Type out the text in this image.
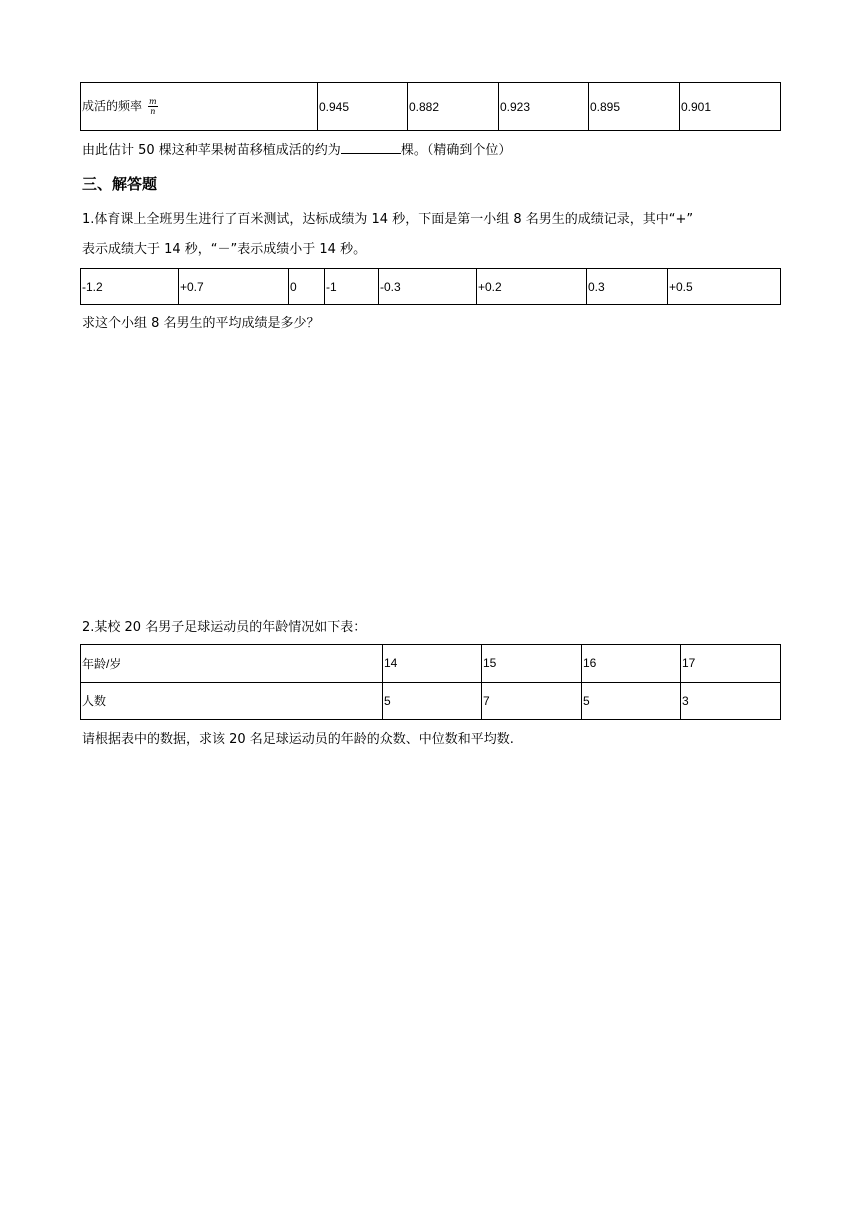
成活的频率 $\frac{m}{n}$	0.945	0.882	0.923	0.895	0.901
由此估计 50 棵这种苹果树苗移植成活的约为	棵。（精确到个位）
三、解答题
1.体育课上全班男生进行了百米测试，达标成绩为 14 秒，下面是第一小组 8 名男生的成绩记录，其中“+”
表示成绩大于 14 秒，“－”表示成绩小于 14 秒。
-1.2	+0.7	0	-1	-0.3	+0.2	0.3	+0.5
求这个小组 8 名男生的平均成绩是多少？
2.某校 20 名男子足球运动员的年龄情况如下表：
年龄/岁	14	15	16	17
人数	5	7	5	3
请根据表中的数据，求该 20 名足球运动员的年龄的众数、中位数和平均数.
